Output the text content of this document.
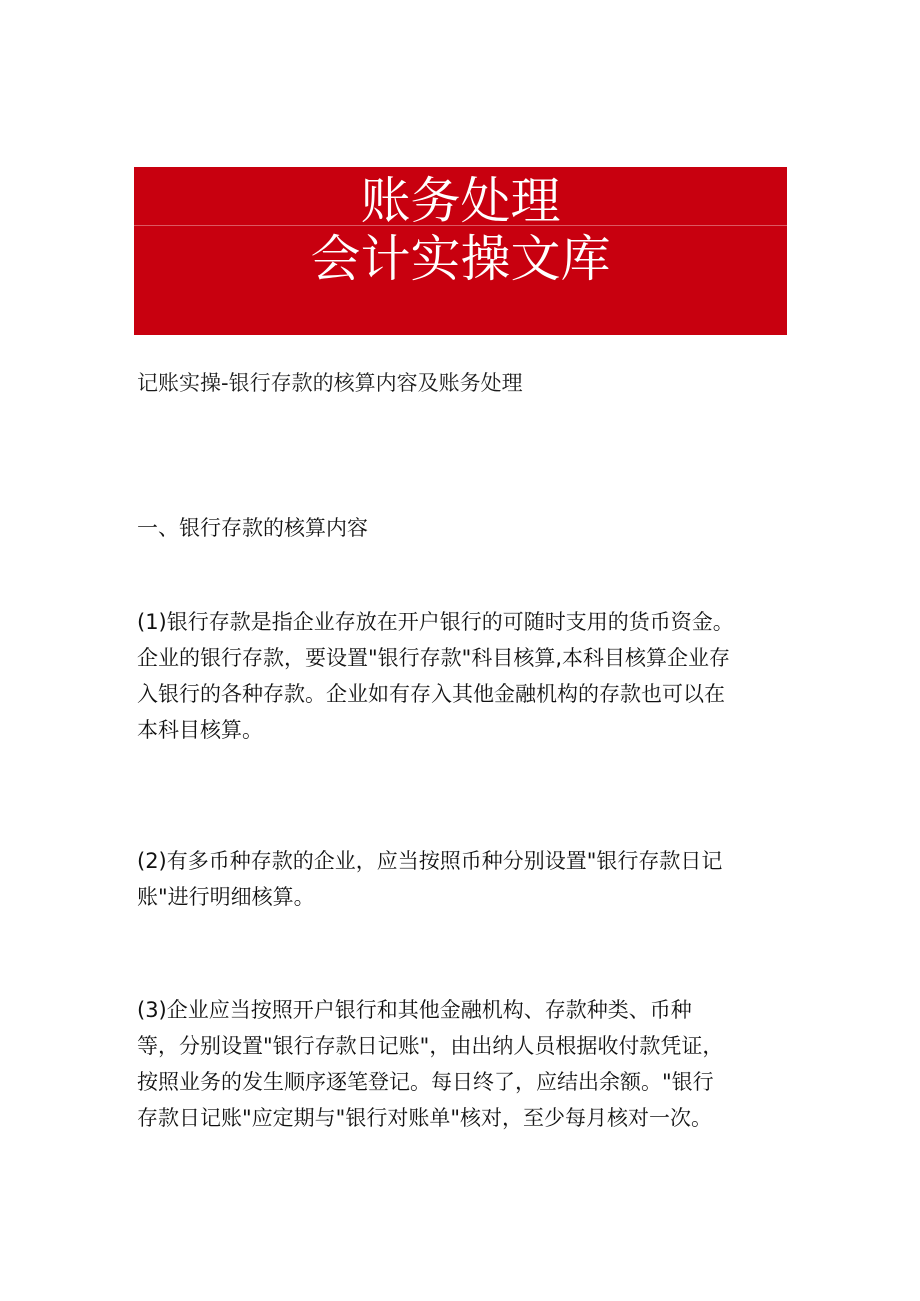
账务处理
会计实操文库
记账实操-银行存款的核算内容及账务处理
一、银行存款的核算内容
(1)银行存款是指企业存放在开户银行的可随时支用的货币资金。
企业的银行存款，要设置"银行存款"科目核算,本科目核算企业存
入银行的各种存款。企业如有存入其他金融机构的存款也可以在
本科目核算。
(2)有多币种存款的企业，应当按照币种分别设置"银行存款日记
账"进行明细核算。
(3)企业应当按照开户银行和其他金融机构、存款种类、币种
等，分别设置"银行存款日记账"，由出纳人员根据收付款凭证，
按照业务的发生顺序逐笔登记。每日终了，应结出余额。"银行
存款日记账"应定期与"银行对账单"核对，至少每月核对一次。
